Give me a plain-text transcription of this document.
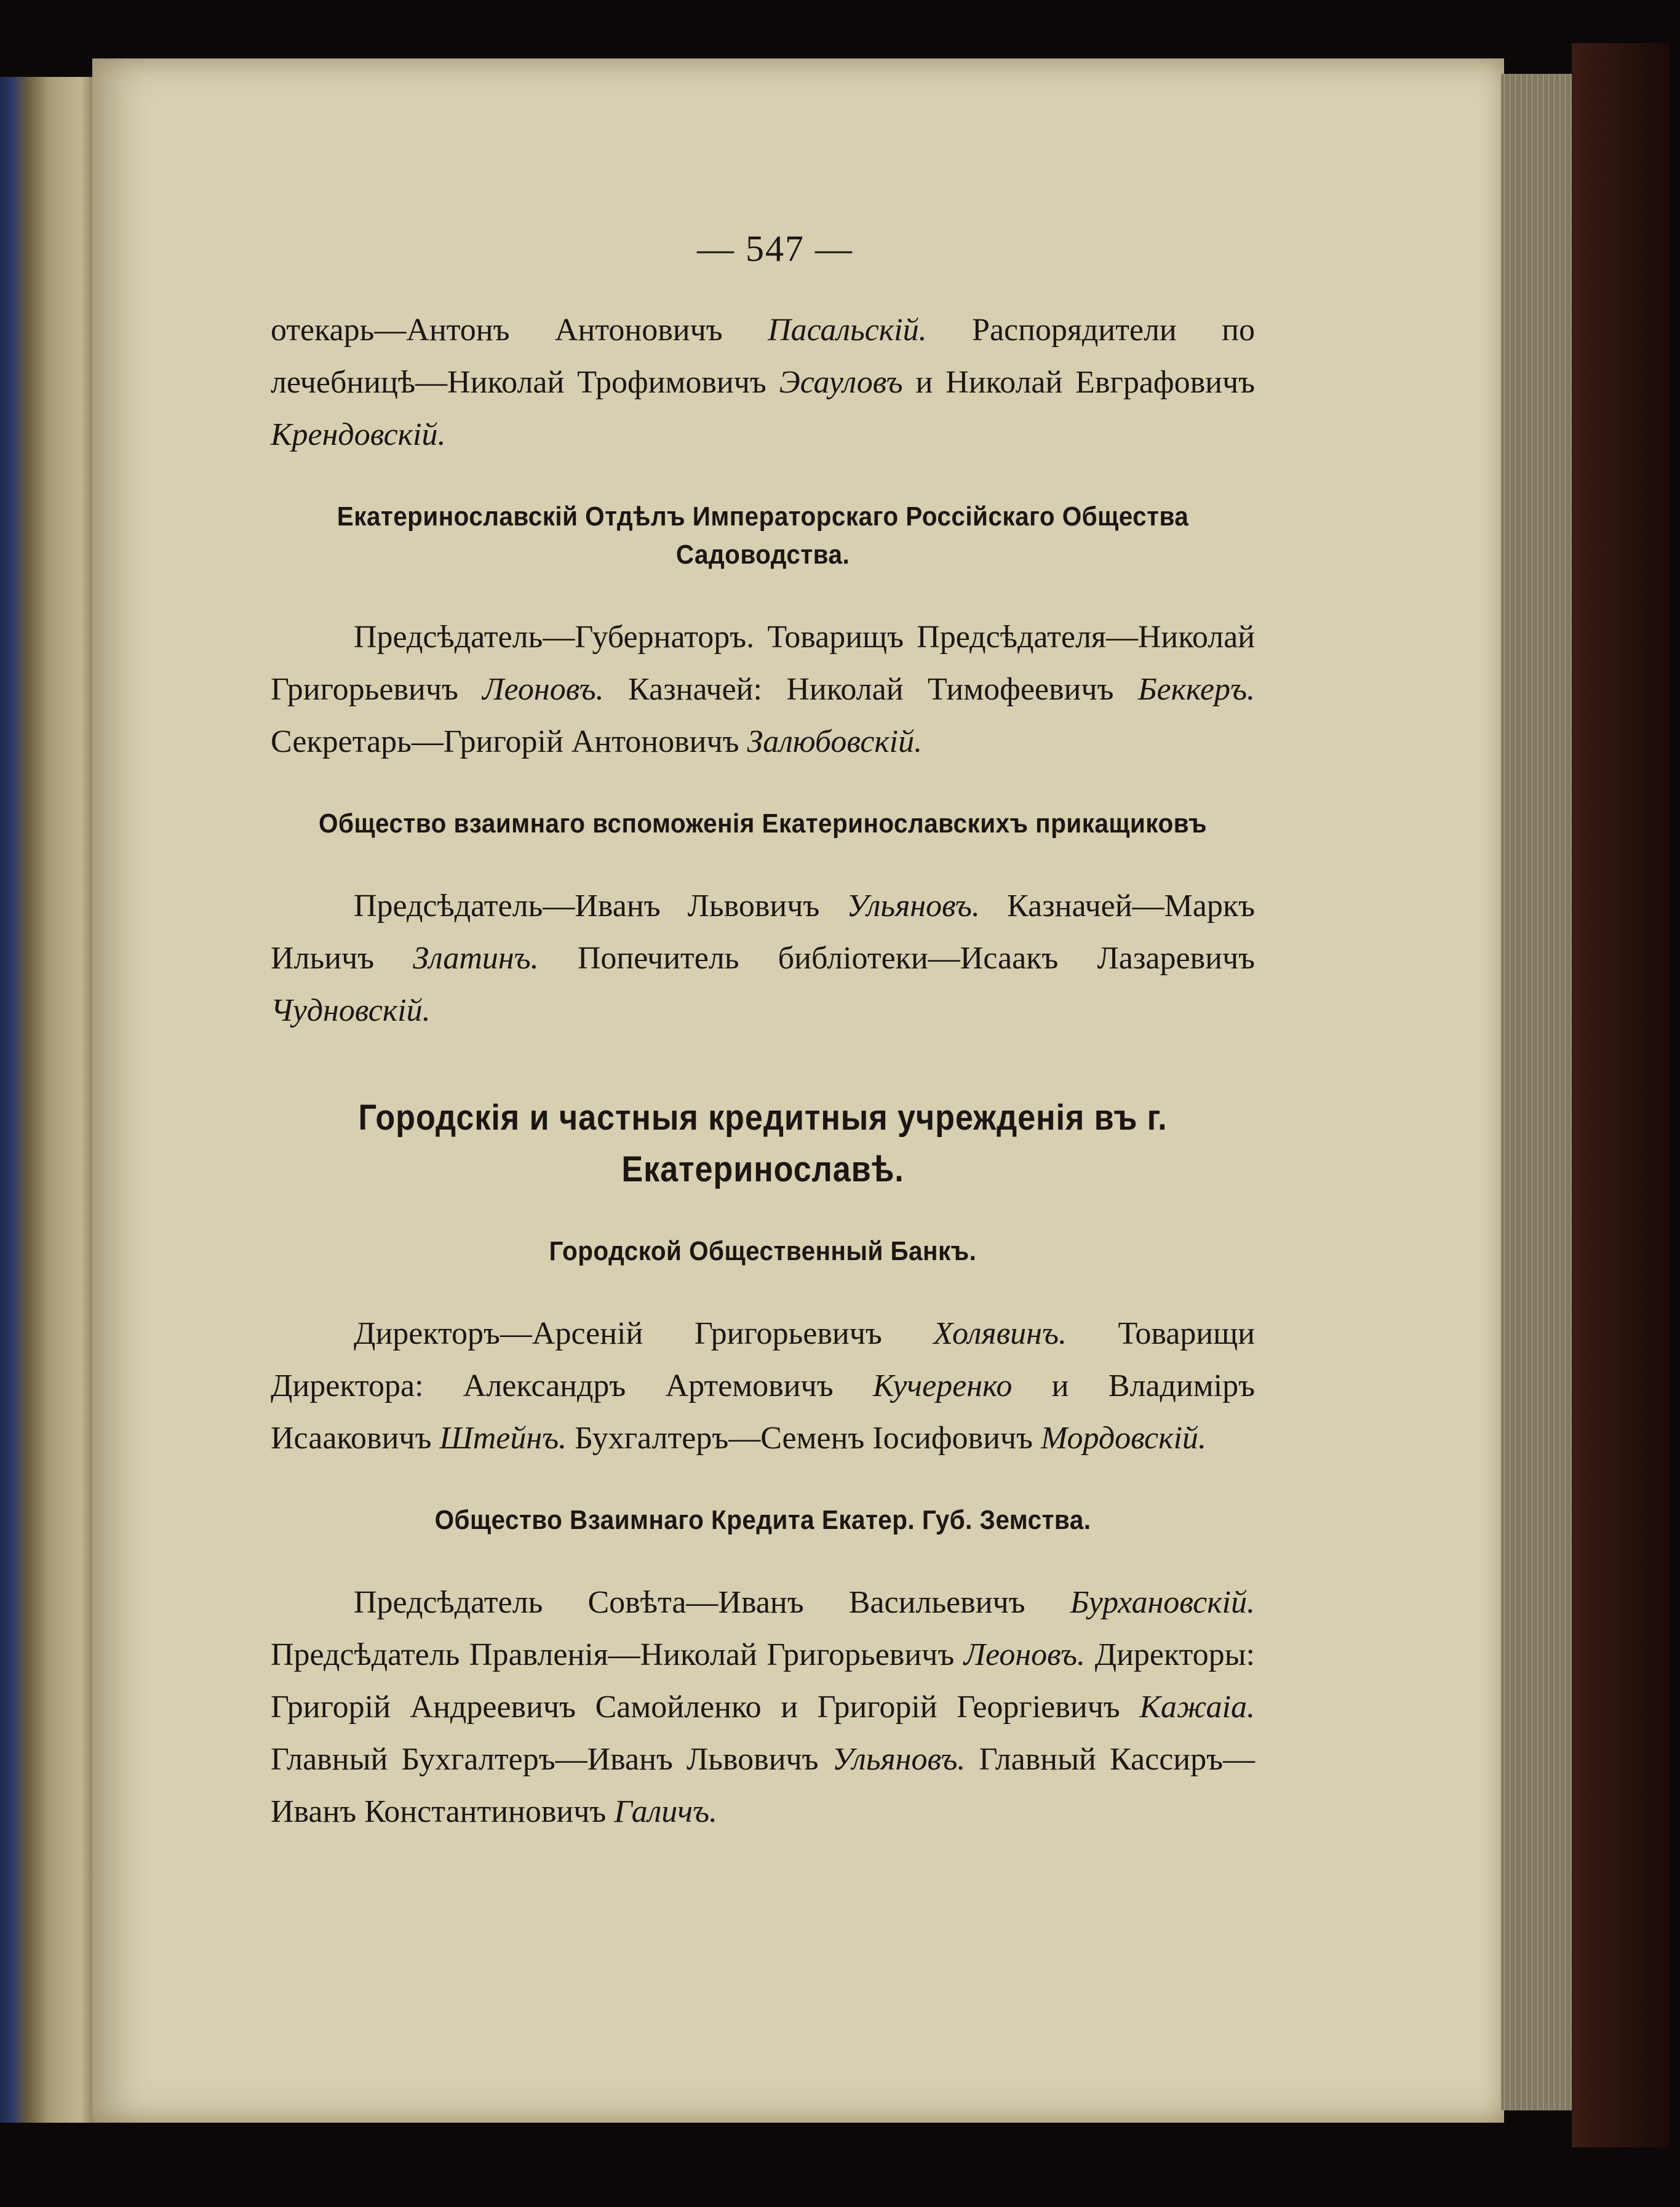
— 547 —

отекарь—Антонъ Антоновичъ Пасальскій. Распорядители по лечебницѣ—Николай Трофимовичъ Эсауловъ и Николай Евграфовичъ Крендовскій.

Екатеринославскій Отдѣлъ Императорскаго Россійскаго Общества Садоводства.

Предсѣдатель—Губернаторъ. Товарищъ Предсѣдателя—Николай Григорьевичъ Леоновъ. Казначей: Николай Тимофеевичъ Беккеръ. Секретарь—Григорій Антоновичъ Залюбовскій.

Общество взаимнаго вспоможенія Екатеринославскихъ прикащиковъ

Предсѣдатель—Иванъ Львовичъ Ульяновъ. Казначей—Маркъ Ильичъ Златинъ. Попечитель библіотеки—Исаакъ Лазаревичъ Чудновскій.

Городскія и частныя кредитныя учрежденія въ г. Екатеринославѣ.
Городской Общественный Банкъ.

Директоръ—Арсеній Григорьевичъ Холявинъ. Товарищи Директора: Александръ Артемовичъ Кучеренко и Владиміръ Исааковичъ Штейнъ. Бухгалтеръ—Семенъ Іосифовичъ Мордовскій.

Общество Взаимнаго Кредита Екатер. Губ. Земства.

Предсѣдатель Совѣта—Иванъ Васильевичъ Бурхановскій. Предсѣдатель Правленія—Николай Григорьевичъ Леоновъ. Директоры: Григорій Андреевичъ Самойленко и Григорій Георгіевичъ Кажаіа. Главный Бухгалтеръ—Иванъ Львовичъ Ульяновъ. Главный Кассиръ—Иванъ Константиновичъ Галичъ.
